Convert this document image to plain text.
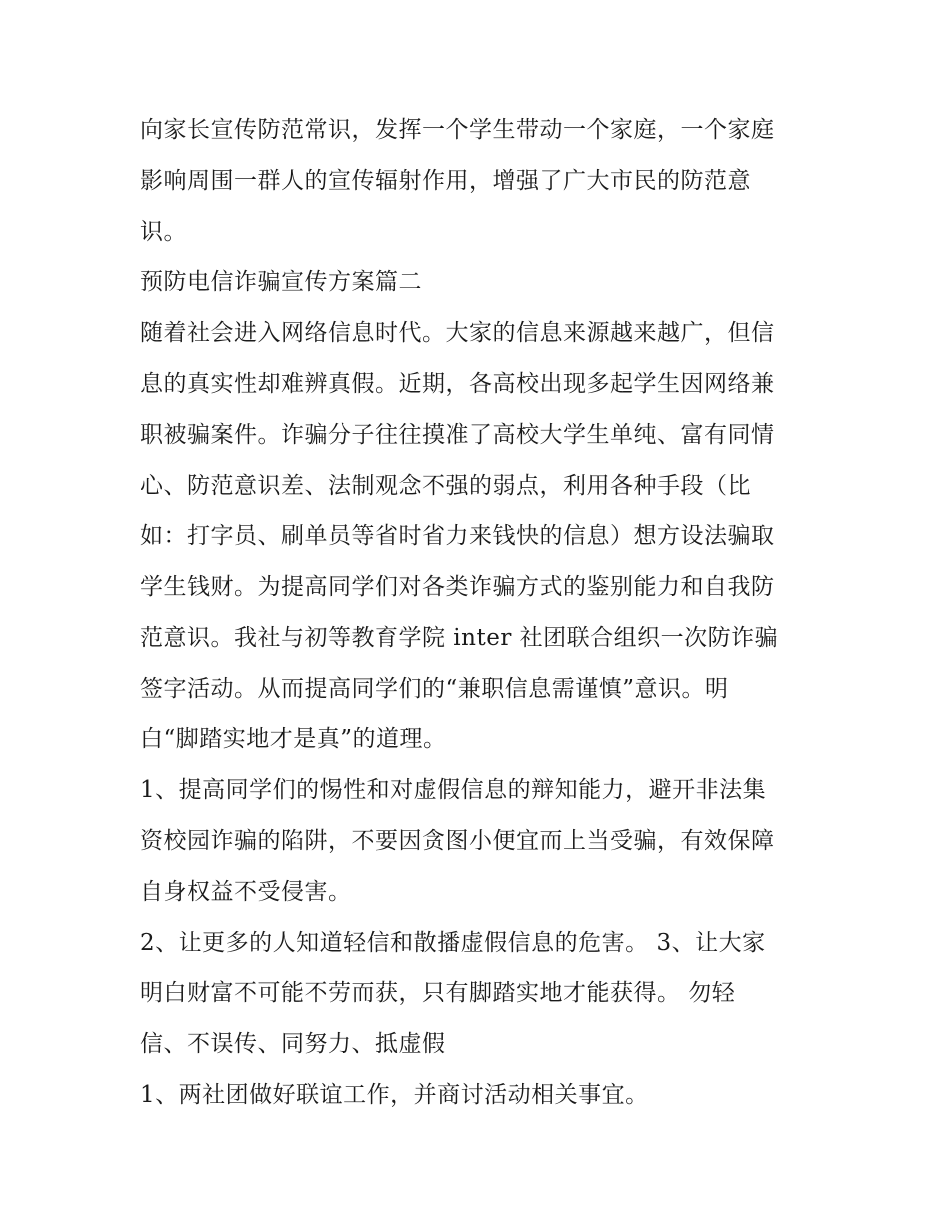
向家长宣传防范常识，发挥一个学生带动一个家庭，一个家庭
影响周围一群人的宣传辐射作用，增强了广大市民的防范意
识。
预防电信诈骗宣传方案篇二
随着社会进入网络信息时代。大家的信息来源越来越广，但信
息的真实性却难辨真假。近期，各高校出现多起学生因网络兼
职被骗案件。诈骗分子往往摸准了高校大学生单纯、富有同情
心、防范意识差、法制观念不强的弱点，利用各种手段（比
如：打字员、刷单员等省时省力来钱快的信息）想方设法骗取
学生钱财。为提高同学们对各类诈骗方式的鉴别能力和自我防
范意识。我社与初等教育学院 inter 社团联合组织一次防诈骗
签字活动。从而提高同学们的“兼职信息需谨慎”意识。明
白“脚踏实地才是真”的道理。
1、提高同学们的惕性和对虚假信息的辩知能力，避开非法集
资校园诈骗的陷阱，不要因贪图小便宜而上当受骗，有效保障
自身权益不受侵害。
2、让更多的人知道轻信和散播虚假信息的危害。 3、让大家
明白财富不可能不劳而获，只有脚踏实地才能获得。 勿轻
信、不误传、同努力、抵虚假
1、两社团做好联谊工作，并商讨活动相关事宜。
